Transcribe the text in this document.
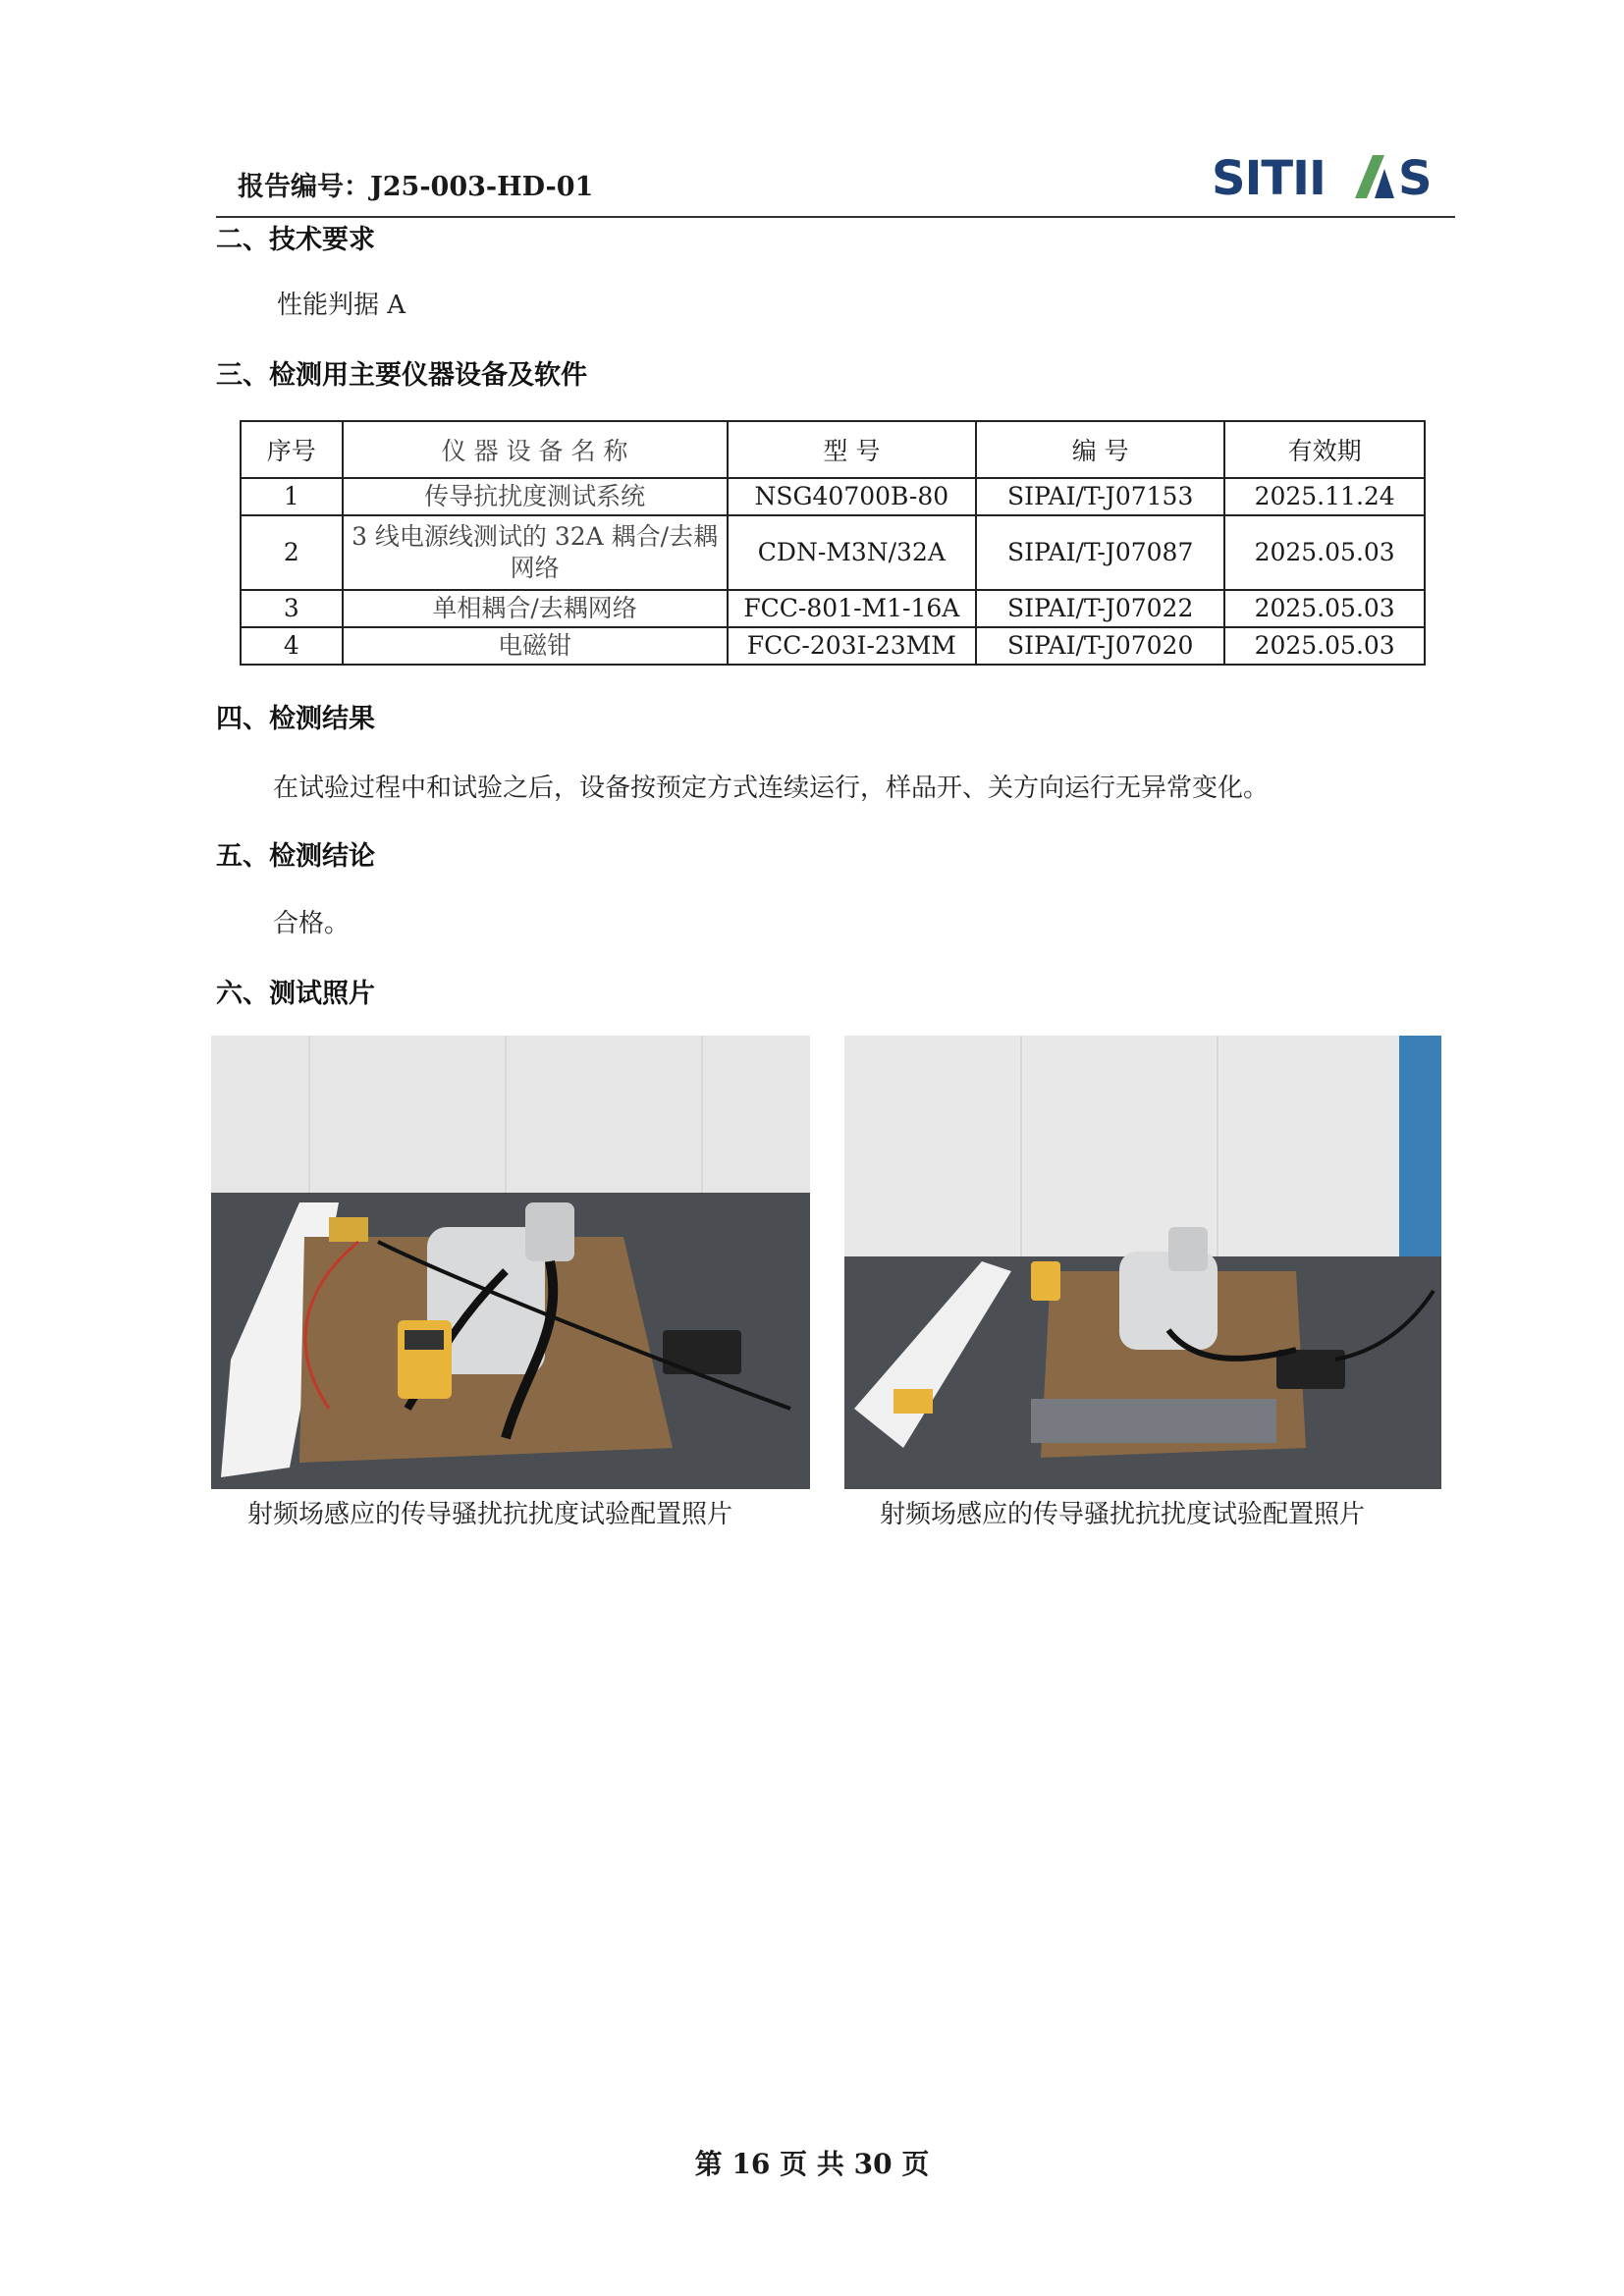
报告编号：J25-003-HD-01	SITII S
二、技术要求
性能判据 A
三、检测用主要仪器设备及软件
序号	仪 器 设 备 名 称	型 号	编 号	有效期
1	传导抗扰度测试系统	NSG40700B-80	SIPAI/T-J07153	2025.11.24
2	3 线电源线测试的 32A 耦合/去耦网络	CDN-M3N/32A	SIPAI/T-J07087	2025.05.03
3	单相耦合/去耦网络	FCC-801-M1-16A	SIPAI/T-J07022	2025.05.03
4	电磁钳	FCC-203I-23MM	SIPAI/T-J07020	2025.05.03
四、检测结果
在试验过程中和试验之后，设备按预定方式连续运行，样品开、关方向运行无异常变化。
五、检测结论
合格。
六、测试照片
射频场感应的传导骚扰抗扰度试验配置照片	射频场感应的传导骚扰抗扰度试验配置照片
第 16 页 共 30 页
